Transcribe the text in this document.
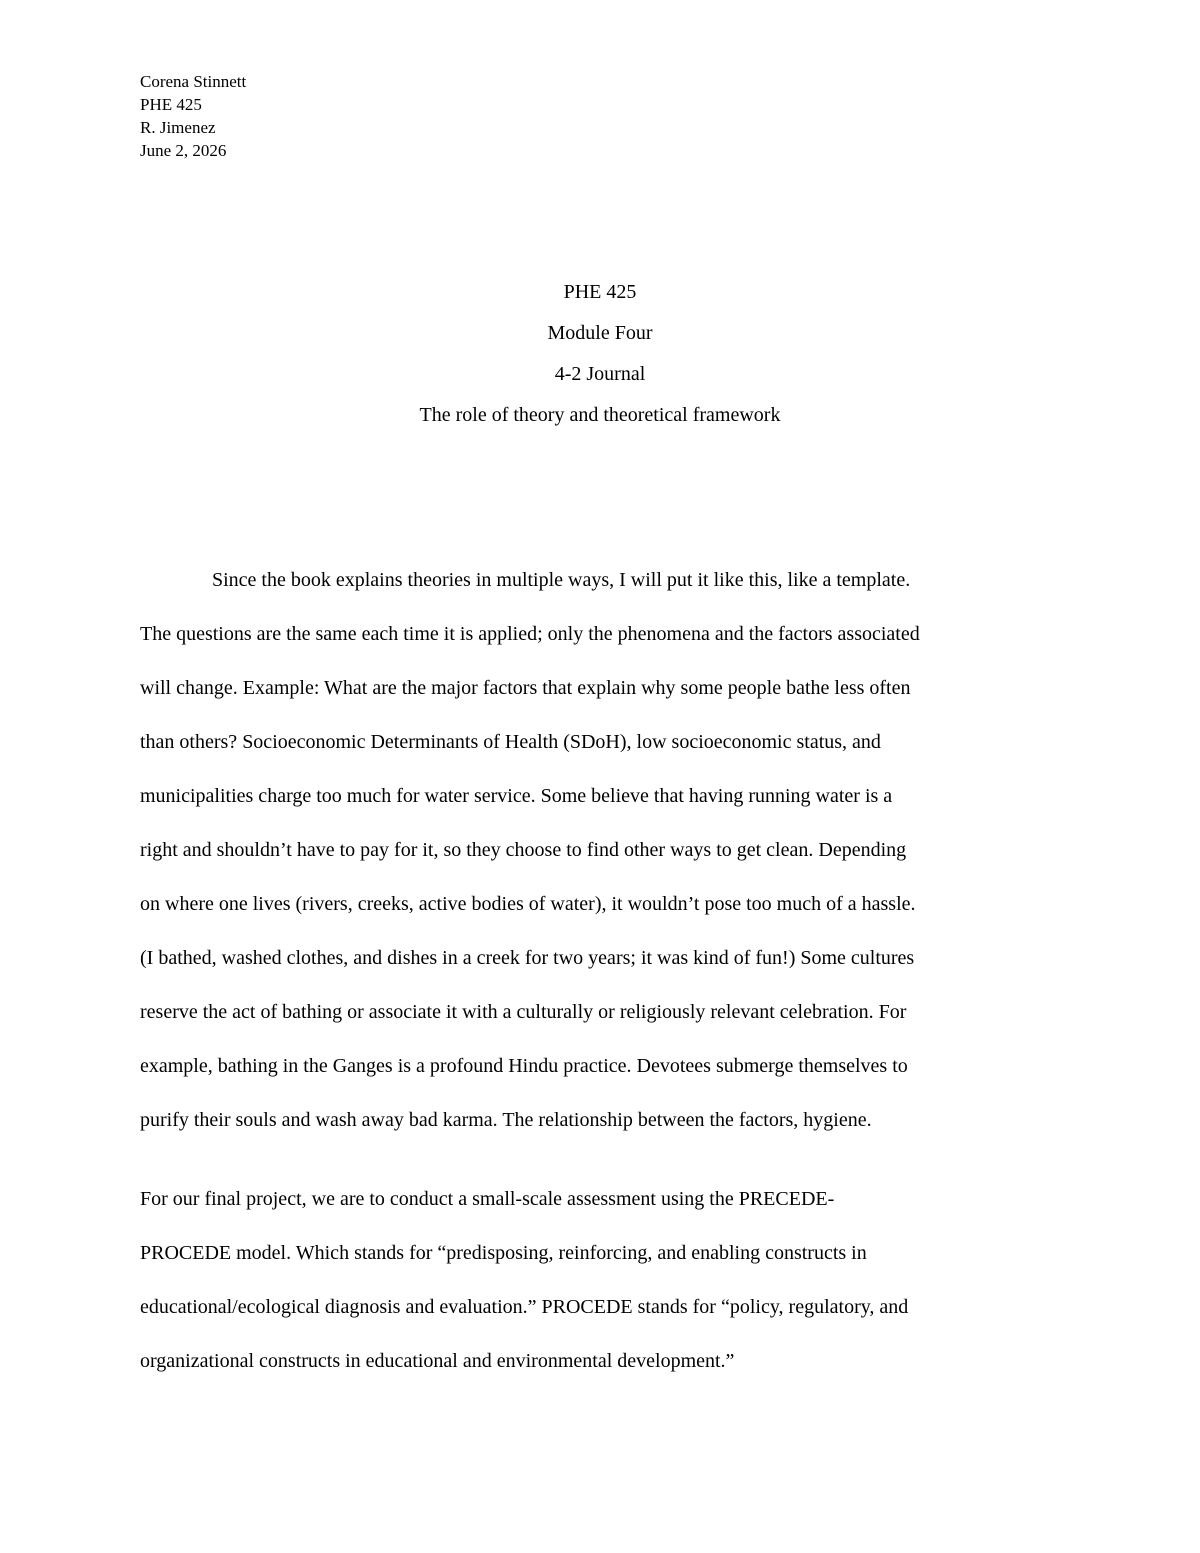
Corena Stinnett
PHE 425
R. Jimenez
June 2, 2026
PHE 425
Module Four
4-2 Journal
The role of theory and theoretical framework
Since the book explains theories in multiple ways, I will put it like this, like a template.
The questions are the same each time it is applied; only the phenomena and the factors associated
will change. Example: What are the major factors that explain why some people bathe less often
than others? Socioeconomic Determinants of Health (SDoH), low socioeconomic status, and
municipalities charge too much for water service. Some believe that having running water is a
right and shouldn’t have to pay for it, so they choose to find other ways to get clean. Depending
on where one lives (rivers, creeks, active bodies of water), it wouldn’t pose too much of a hassle.
(I bathed, washed clothes, and dishes in a creek for two years; it was kind of fun!) Some cultures
reserve the act of bathing or associate it with a culturally or religiously relevant celebration. For
example, bathing in the Ganges is a profound Hindu practice. Devotees submerge themselves to
purify their souls and wash away bad karma. The relationship between the factors, hygiene.
For our final project, we are to conduct a small-scale assessment using the PRECEDE-
PROCEDE model. Which stands for “predisposing, reinforcing, and enabling constructs in
educational/ecological diagnosis and evaluation.” PROCEDE stands for “policy, regulatory, and
organizational constructs in educational and environmental development.”
